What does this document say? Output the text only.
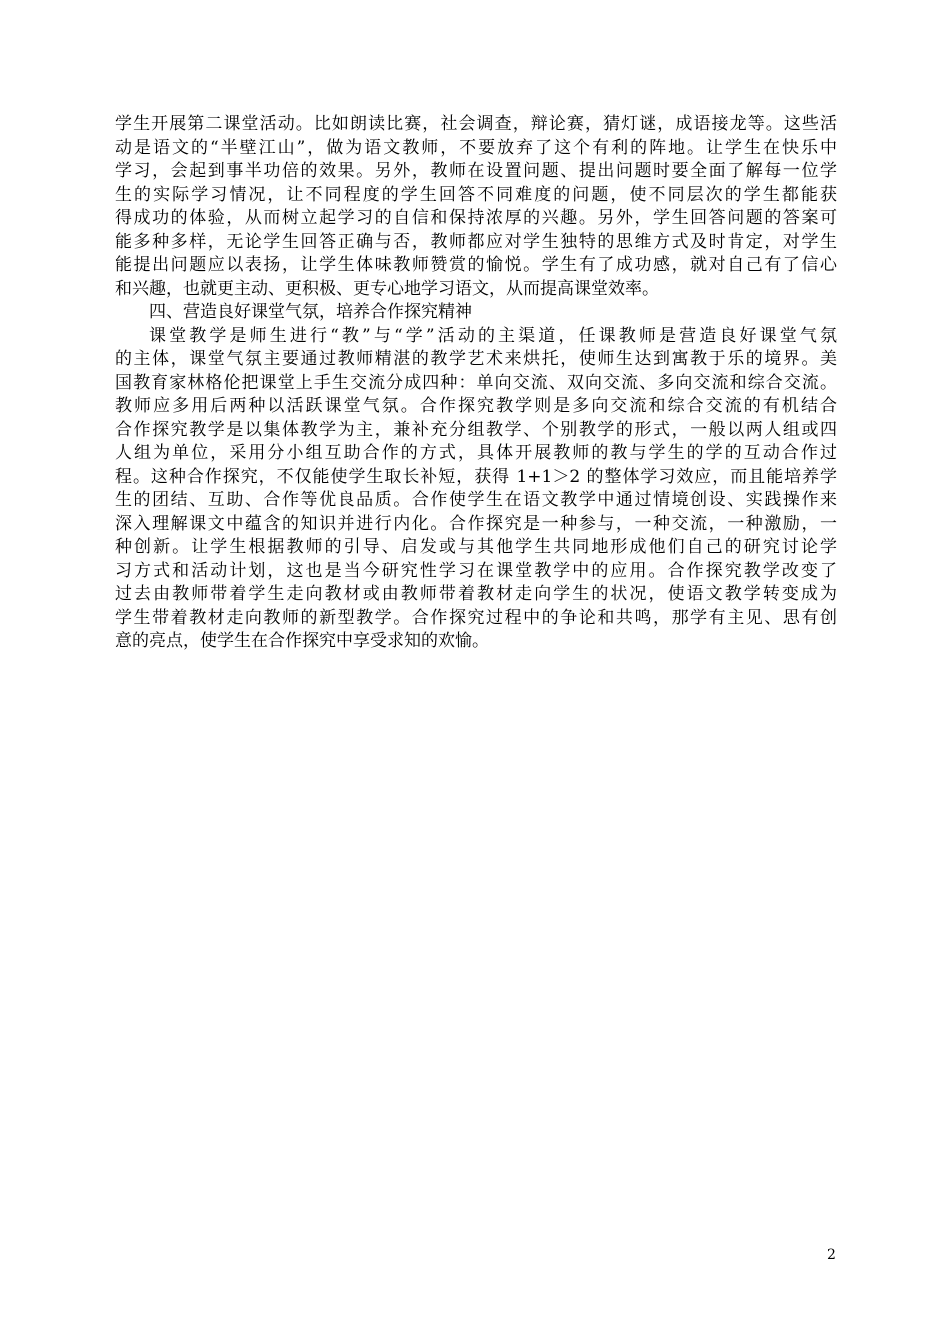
学生开展第二课堂活动。比如朗读比赛，社会调查，辩论赛，猜灯谜，成语接龙等。这些活
动是语文的“半壁江山”，做为语文教师，不要放弃了这个有利的阵地。让学生在快乐中
学习，会起到事半功倍的效果。另外，教师在设置问题、提出问题时要全面了解每一位学
生的实际学习情况，让不同程度的学生回答不同难度的问题，使不同层次的学生都能获
得成功的体验，从而树立起学习的自信和保持浓厚的兴趣。另外，学生回答问题的答案可
能多种多样，无论学生回答正确与否，教师都应对学生独特的思维方式及时肯定，对学生
能提出问题应以表扬，让学生体味教师赞赏的愉悦。学生有了成功感，就对自己有了信心
和兴趣，也就更主动、更积极、更专心地学习语文，从而提高课堂效率。
四、营造良好课堂气氛，培养合作探究精神
课堂教学是师生进行“教”与“学”活动的主渠道，任课教师是营造良好课堂气氛
的主体，课堂气氛主要通过教师精湛的教学艺术来烘托，使师生达到寓教于乐的境界。美
国教育家林格伦把课堂上手生交流分成四种：单向交流、双向交流、多向交流和综合交流。
教师应多用后两种以活跃课堂气氛。合作探究教学则是多向交流和综合交流的有机结合
合作探究教学是以集体教学为主，兼补充分组教学、个别教学的形式，一般以两人组或四
人组为单位，采用分小组互助合作的方式，具体开展教师的教与学生的学的互动合作过
程。这种合作探究，不仅能使学生取长补短，获得 1+1＞2 的整体学习效应，而且能培养学
生的团结、互助、合作等优良品质。合作使学生在语文教学中通过情境创设、实践操作来
深入理解课文中蕴含的知识并进行内化。合作探究是一种参与，一种交流，一种激励，一
种创新。让学生根据教师的引导、启发或与其他学生共同地形成他们自己的研究讨论学
习方式和活动计划，这也是当今研究性学习在课堂教学中的应用。合作探究教学改变了
过去由教师带着学生走向教材或由教师带着教材走向学生的状况，使语文教学转变成为
学生带着教材走向教师的新型教学。合作探究过程中的争论和共鸣，那学有主见、思有创
意的亮点，使学生在合作探究中享受求知的欢愉。
2
